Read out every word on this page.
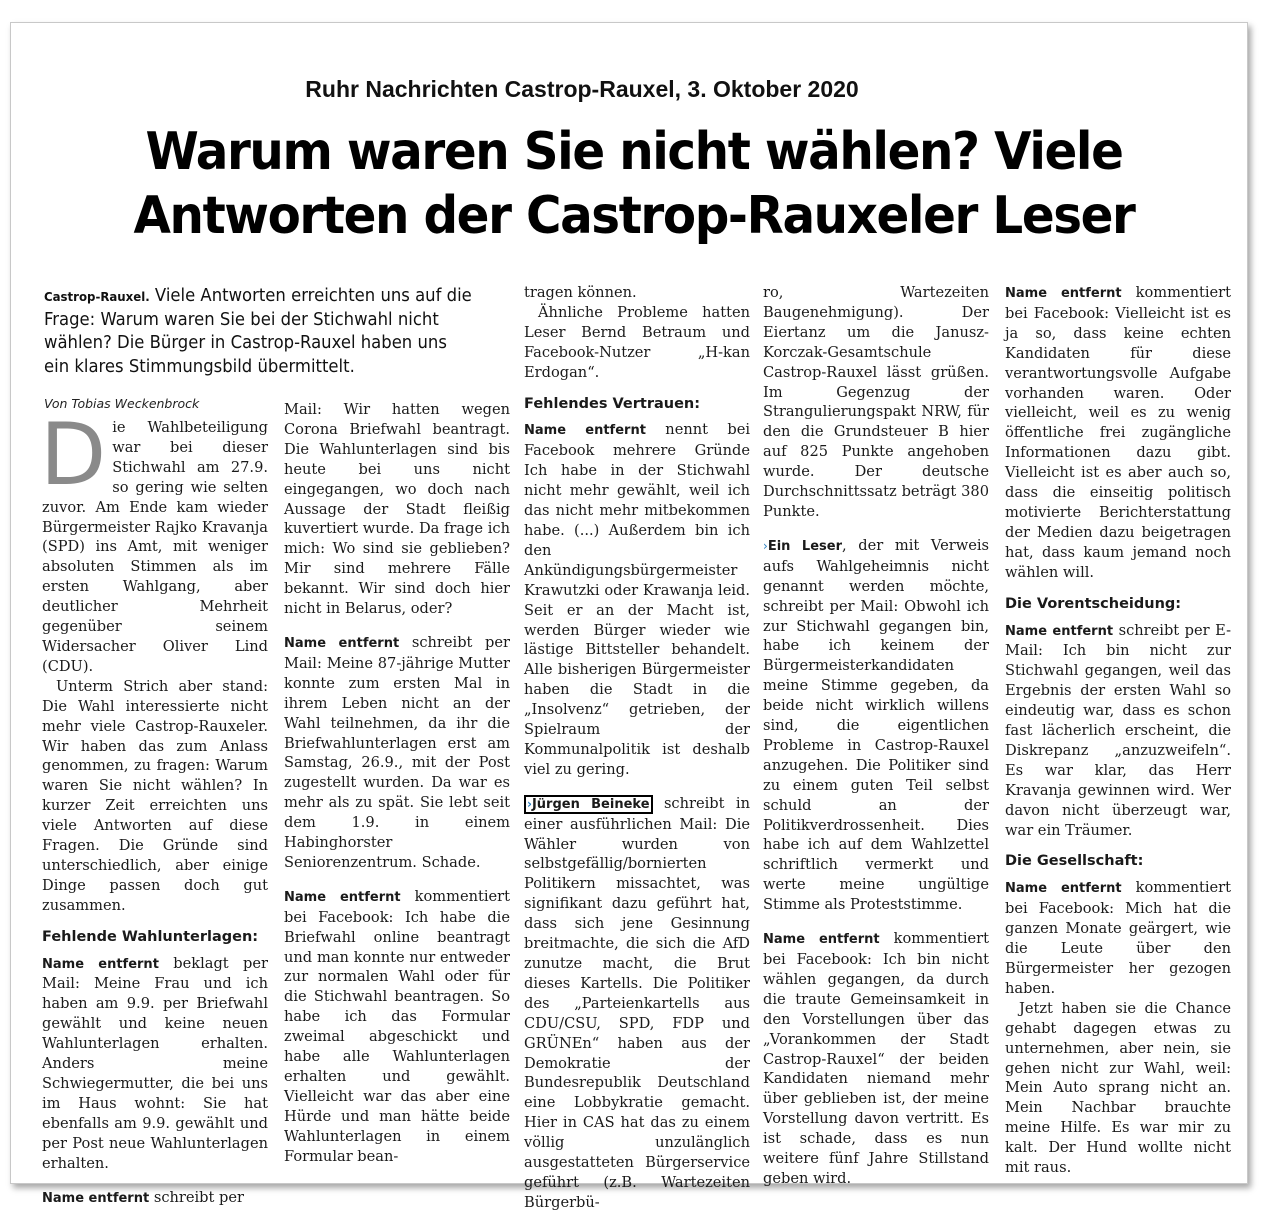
Ruhr Nachrichten Castrop-Rauxel, 3. Oktober 2020
Warum waren Sie nicht wählen? Viele Antworten der Castrop-Rauxeler Leser
Castrop-Rauxel. Viele Antworten erreichten uns auf die Frage: Warum waren Sie bei der Stichwahl nicht wählen? Die Bürger in Castrop-Rauxel haben uns ein klares Stimmungsbild übermittelt.
Von Tobias Weckenbrock

Die Wahlbeteiligung war bei dieser Stichwahl am 27.9. so gering wie selten zuvor. Am Ende kam wieder Bürgermeister Rajko Kravanja (SPD) ins Amt, mit weniger absoluten Stimmen als im ersten Wahlgang, aber deutlicher Mehrheit gegenüber seinem Widersacher Oliver Lind (CDU).

Unterm Strich aber stand: Die Wahl interessierte nicht mehr viele Castrop-Rauxeler. Wir haben das zum Anlass genommen, zu fragen: Warum waren Sie nicht wählen? In kurzer Zeit erreichten uns viele Antworten auf diese Fragen. Die Gründe sind unterschiedlich, aber einige Dinge passen doch gut zusammen.

Fehlende Wahlunterlagen:

Name entfernt beklagt per Mail: Meine Frau und ich haben am 9.9. per Briefwahl gewählt und keine neuen Wahlunterlagen erhalten. Anders meine Schwiegermutter, die bei uns im Haus wohnt: Sie hat ebenfalls am 9.9. gewählt und per Post neue Wahlunterlagen erhalten.

Name entfernt schreibt per

Mail: Wir hatten wegen Corona Briefwahl beantragt. Die Wahlunterlagen sind bis heute bei uns nicht eingegangen, wo doch nach Aussage der Stadt fleißig kuvertiert wurde. Da frage ich mich: Wo sind sie geblieben? Mir sind mehrere Fälle bekannt. Wir sind doch hier nicht in Belarus, oder?

Name entfernt schreibt per Mail: Meine 87-jährige Mutter konnte zum ersten Mal in ihrem Leben nicht an der Wahl teilnehmen, da ihr die Briefwahlunterlagen erst am Samstag, 26.9., mit der Post zugestellt wurden. Da war es mehr als zu spät. Sie lebt seit dem 1.9. in einem Habinghorster Seniorenzentrum. Schade.

Name entfernt kommentiert bei Facebook: Ich habe die Briefwahl online beantragt und man konnte nur entweder zur normalen Wahl oder für die Stichwahl beantragen. So habe ich das Formular zweimal abgeschickt und habe alle Wahlunterlagen erhalten und gewählt. Vielleicht war das aber eine Hürde und man hätte beide Wahlunterlagen in einem Formular bean-

tragen können.

Ähnliche Probleme hatten Leser Bernd Betraum und Facebook-Nutzer „H-kan Erdogan“.

Fehlendes Vertrauen:

Name entfernt nennt bei Facebook mehrere Gründe Ich habe in der Stichwahl nicht mehr gewählt, weil ich das nicht mehr mitbekommen habe. (...) Außerdem bin ich den Ankündigungsbürgermeister Krawutzki oder Krawanja leid. Seit er an der Macht ist, werden Bürger wieder wie lästige Bittsteller behandelt. Alle bisherigen Bürgermeister haben die Stadt in die „Insolvenz“ getrieben, der Spielraum der Kommunalpolitik ist deshalb viel zu gering.

›Jürgen Beineke schreibt in einer ausführlichen Mail: Die Wähler wurden von selbstgefällig/bornierten Politikern missachtet, was signifikant dazu geführt hat, dass sich jene Gesinnung breitmachte, die sich die AfD zunutze macht, die Brut dieses Kartells. Die Politiker des „Parteienkartells aus CDU/CSU, SPD, FDP und GRÜNEn“ haben aus der Demokratie der Bundesrepublik Deutschland eine Lobbykratie gemacht. Hier in CAS hat das zu einem völlig unzulänglich ausgestatteten Bürgerservice geführt (z.B. Wartezeiten Bürgerbü-

ro, Wartezeiten Baugenehmigung). Der Eiertanz um die Janusz-Korczak-Gesamtschule Castrop-Rauxel lässt grüßen. Im Gegenzug der Strangulierungspakt NRW, für den die Grundsteuer B hier auf 825 Punkte angehoben wurde. Der deutsche Durchschnittssatz beträgt 380 Punkte.

›Ein Leser, der mit Verweis aufs Wahlgeheimnis nicht genannt werden möchte, schreibt per Mail: Obwohl ich zur Stichwahl gegangen bin, habe ich keinem der Bürgermeisterkandidaten meine Stimme gegeben, da beide nicht wirklich willens sind, die eigentlichen Probleme in Castrop-Rauxel anzugehen. Die Politiker sind zu einem guten Teil selbst schuld an der Politikverdrossenheit. Dies habe ich auf dem Wahlzettel schriftlich vermerkt und werte meine ungültige Stimme als Proteststimme.

Name entfernt kommentiert bei Facebook: Ich bin nicht wählen gegangen, da durch die traute Gemeinsamkeit in den Vorstellungen über das „Vorankommen der Stadt Castrop-Rauxel“ der beiden Kandidaten niemand mehr über geblieben ist, der meine Vorstellung davon vertritt. Es ist schade, dass es nun weitere fünf Jahre Stillstand geben wird.

Name entfernt kommentiert bei Facebook: Vielleicht ist es ja so, dass keine echten Kandidaten für diese verantwortungsvolle Aufgabe vorhanden waren. Oder vielleicht, weil es zu wenig öffentliche frei zugängliche Informationen dazu gibt. Vielleicht ist es aber auch so, dass die einseitig politisch motivierte Berichterstattung der Medien dazu beigetragen hat, dass kaum jemand noch wählen will.

Die Vorentscheidung:

Name entfernt schreibt per E-Mail: Ich bin nicht zur Stichwahl gegangen, weil das Ergebnis der ersten Wahl so eindeutig war, dass es schon fast lächerlich erscheint, die Diskrepanz „anzuzweifeln“. Es war klar, das Herr Kravanja gewinnen wird. Wer davon nicht überzeugt war, war ein Träumer.

Die Gesellschaft:

Name entfernt kommentiert bei Facebook: Mich hat die ganzen Monate geärgert, wie die Leute über den Bürgermeister her gezogen haben.

Jetzt haben sie die Chance gehabt dagegen etwas zu unternehmen, aber nein, sie gehen nicht zur Wahl, weil: Mein Auto sprang nicht an. Mein Nachbar brauchte meine Hilfe. Es war mir zu kalt. Der Hund wollte nicht mit raus.
